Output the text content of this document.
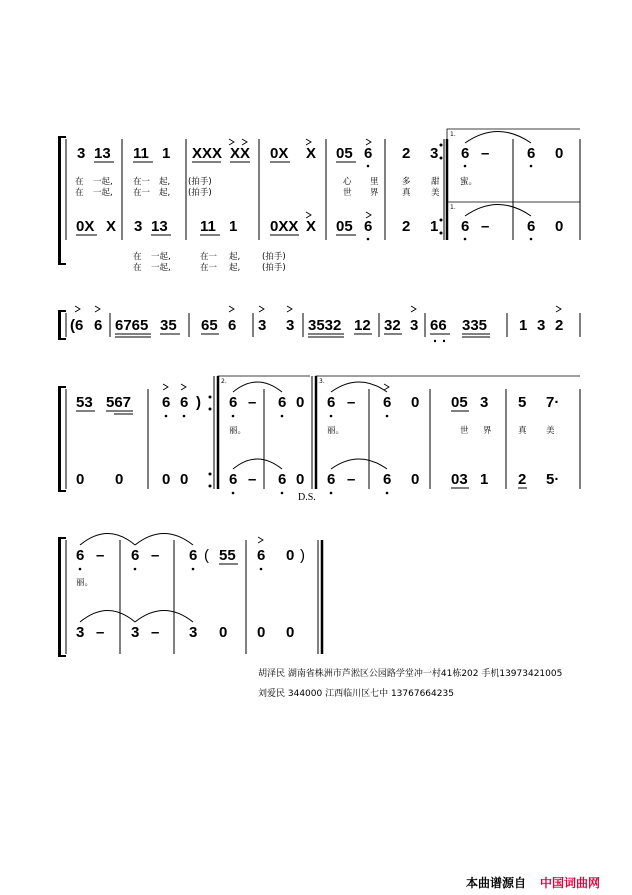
1.
1.
3 13 11 1 XXX XX 0X X 05 6 2 3 6 –	6 0
在 一起, 在一 起, (拍手)	心 里	多 甜 蜜。
在 一起, 在一 起, (拍手)	世 界	真 美
0X X 3 13 11 1 0XX X 05 6 2 1 6 –	6 0
在 一起,	在一 起,	(拍手)
在 一起,	在一 起,	(拍手)
(6 6 6765 35 65 6 3 3 3532 12 32 3 66 335 1 3 2
2.	3.
53 567 6 6 )	: 6 – 6 0 6 – 6 0 05 3 5 7·
丽。	丽。	世 界	真 美
0 0	0 0	: 6 – 6 0 6 – 6 0 03 1 2 5·
D.S.
6 – 6 – 6 ( 55 6 0 )
丽。
3 – 3 – 3 0 0 0
胡泽民 湖南省株洲市芦淞区公园路学堂冲一村41栋202 手机13973421005
刘爱民 344000 江西临川区七中 13767664235
本曲谱源自 中国词曲网
